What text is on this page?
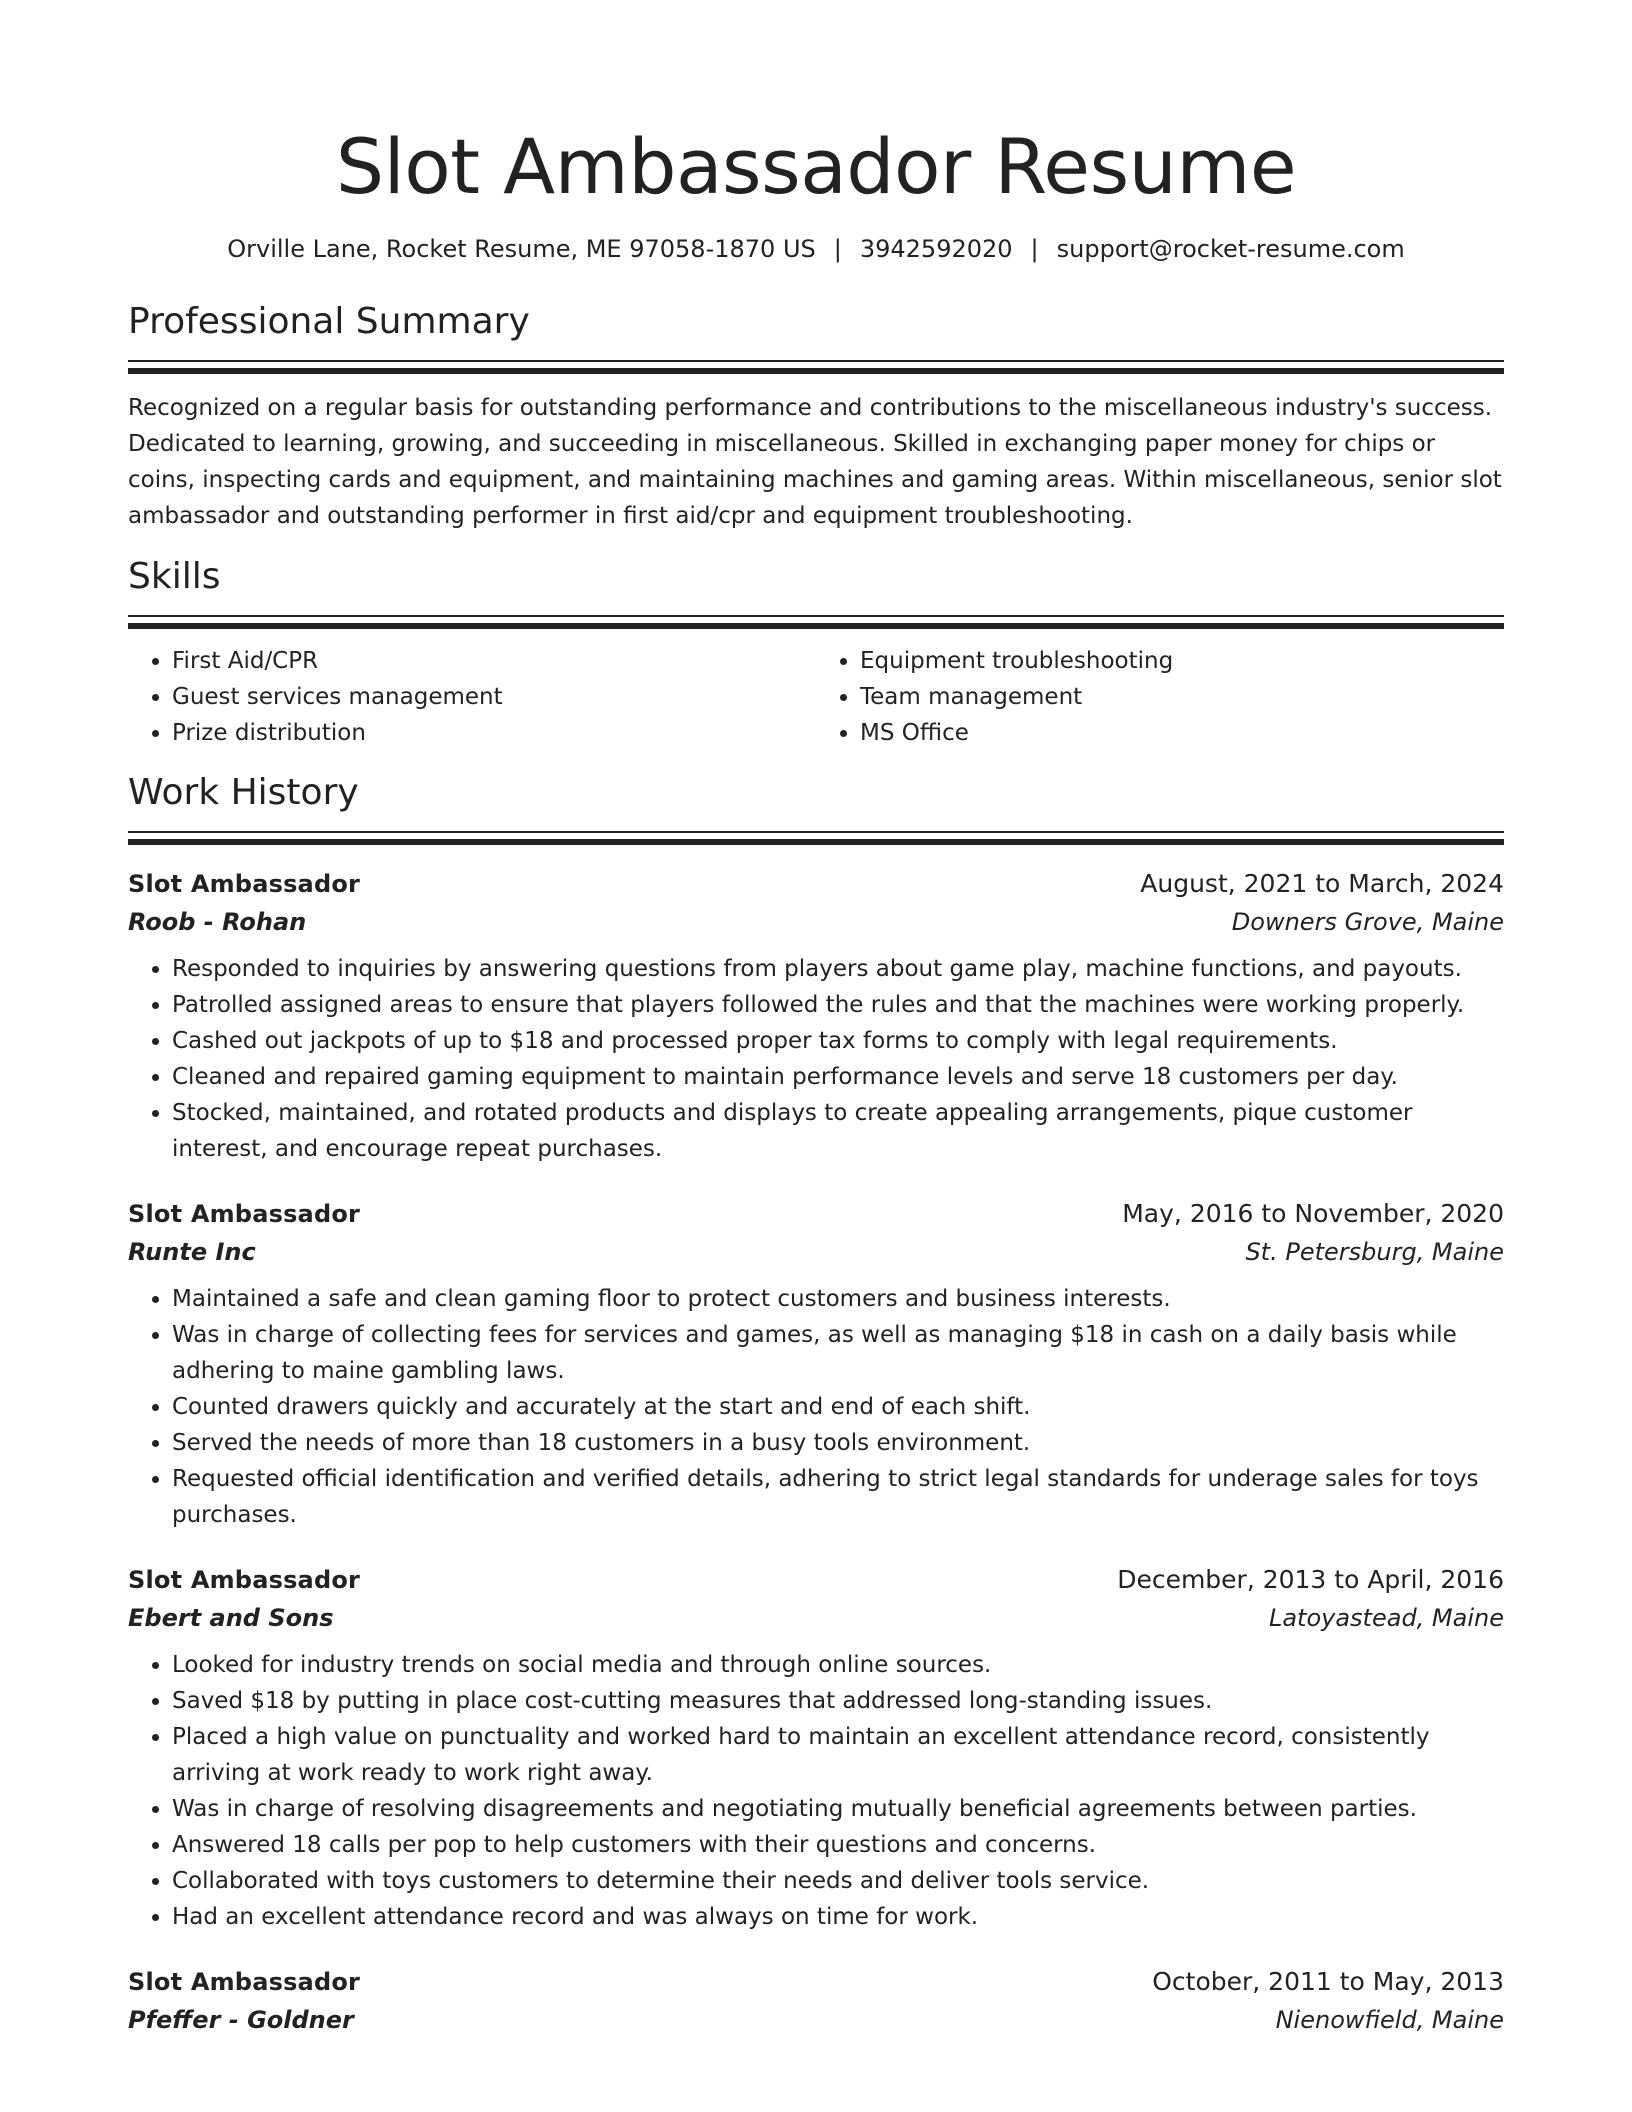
Slot Ambassador Resume
Orville Lane, Rocket Resume, ME 97058-1870 US | 3942592020 | support@rocket-resume.com
Professional Summary

Recognized on a regular basis for outstanding performance and contributions to the miscellaneous industry's success. Dedicated to learning, growing, and succeeding in miscellaneous. Skilled in exchanging paper money for chips or coins, inspecting cards and equipment, and maintaining machines and gaming areas. Within miscellaneous, senior slot ambassador and outstanding performer in first aid/cpr and equipment troubleshooting.

Skills
• First Aid/CPR
• Guest services management
• Prize distribution
• Equipment troubleshooting
• Team management
• MS Office
Work History
Slot Ambassador	August, 2021 to March, 2024
Roob - Rohan	Downers Grove, Maine
• Responded to inquiries by answering questions from players about game play, machine functions, and payouts.
• Patrolled assigned areas to ensure that players followed the rules and that the machines were working properly.
• Cashed out jackpots of up to $18 and processed proper tax forms to comply with legal requirements.
• Cleaned and repaired gaming equipment to maintain performance levels and serve 18 customers per day.
• Stocked, maintained, and rotated products and displays to create appealing arrangements, pique customer interest, and encourage repeat purchases.
Slot Ambassador	May, 2016 to November, 2020
Runte Inc	St. Petersburg, Maine
• Maintained a safe and clean gaming floor to protect customers and business interests.
• Was in charge of collecting fees for services and games, as well as managing $18 in cash on a daily basis while adhering to maine gambling laws.
• Counted drawers quickly and accurately at the start and end of each shift.
• Served the needs of more than 18 customers in a busy tools environment.
• Requested official identification and verified details, adhering to strict legal standards for underage sales for toys purchases.
Slot Ambassador	December, 2013 to April, 2016
Ebert and Sons	Latoyastead, Maine
• Looked for industry trends on social media and through online sources.
• Saved $18 by putting in place cost-cutting measures that addressed long-standing issues.
• Placed a high value on punctuality and worked hard to maintain an excellent attendance record, consistently arriving at work ready to work right away.
• Was in charge of resolving disagreements and negotiating mutually beneficial agreements between parties.
• Answered 18 calls per pop to help customers with their questions and concerns.
• Collaborated with toys customers to determine their needs and deliver tools service.
• Had an excellent attendance record and was always on time for work.
Slot Ambassador	October, 2011 to May, 2013
Pfeffer - Goldner	Nienowfield, Maine
